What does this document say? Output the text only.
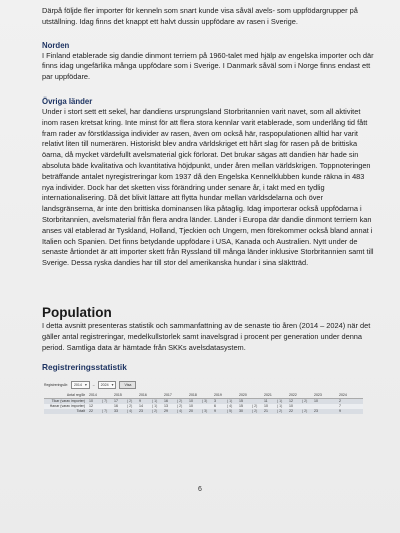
Därpå följde fler importer för kenneln som snart kunde visa såväl avels- som uppfödargrupper på utställning. Idag finns det knappt ett halvt dussin uppfödare av rasen i Sverige.

Norden

I Finland etablerade sig dandie dinmont terriern på 1960-talet med hjälp av engelska importer och där finns idag ungefärlika många uppfödare som i Sverige. I Danmark såväl som i Norge finns endast ett par uppfödare.

Övriga länder

Under i stort sett ett sekel, har dandiens ursprungsland Storbritannien varit navet, som all aktivitet inom rasen kretsat kring. Inte minst för att flera stora kennlar varit etablerade, som underlång tid fått fram rader av förstklassiga individer av rasen, även om också här, raspopulationen alltid har varit relativt liten till numerären. Historiskt blev andra världskriget ett hårt slag för rasen på de brittiska öarna, då mycket värdefullt avelsmaterial gick förlorat. Det brukar sägas att dandien här hade sin absoluta bäde kvalitativa och kvantitativa höjdpunkt, under åren mellan världskrigen. Toppnoteringen beträffande antalet nyregistreringar kom 1937 då den Engelska Kennelklubben kunde räkna in 483 nya individer. Dock har det sketten viss förändring under senare år, i takt med en tydlig internationalisering. Då det blivit lättare att flytta hundar mellan världsdelarna och över landsgränserna, är inte den brittiska dominansen lika påtaglig. Idag importerar också uppfödarna i Storbritannien, avelsmaterial från flera andra länder. Länder i Europa där dandie dinmont terriern kan anses väl etablerad är Tyskland, Holland, Tjeckien och Ungern, men förekommer också bland annat i Italien och Spanien. Det finns betydande uppfödare i USA, Kanada och Australien. Nytt under de senaste årtiondet är att importer skett från Ryssland till många länder inklusive Storbritannien samt till Sverige. Dessa ryska dandies har till stor del amerikanska hundar i sina släktträd.

Population

I detta avsnitt presenteras statistik och sammanfattning av de senaste tio åren (2014 – 2024) när det gäller antal registreringar, medelkullstorlek samt inavelsgrad i procent per generation under denna period. Samtliga data är hämtade från SKKs avelsdatasystem.

Registreringsstatistik
Registreringsår: 2014 ▾ – 2024 ▾	Visa
Antal reg/år	2014		2015		2016		2017		2018		2019		2020		2021		2022		2023		2024	
Tikar (varav importer)	10	( 7)	17	( 2)	9	( 1)	16	( 2)	10	( 3)	3	( 1)	15		11	( 1)	12	( 2)	10		2	
Hanar (varav importer)	12		16	( 2)	14	( 1)	13	( 2)	10		6	( 4)	15	( 2)	10	( 1)	10				7	
Totalt	22	( 7)	33	( 4)	23	( 2)	29	( 4)	20	( 3)	9	( 5)	30	( 2)	21	( 2)	22	( 2)	23		9	
6
